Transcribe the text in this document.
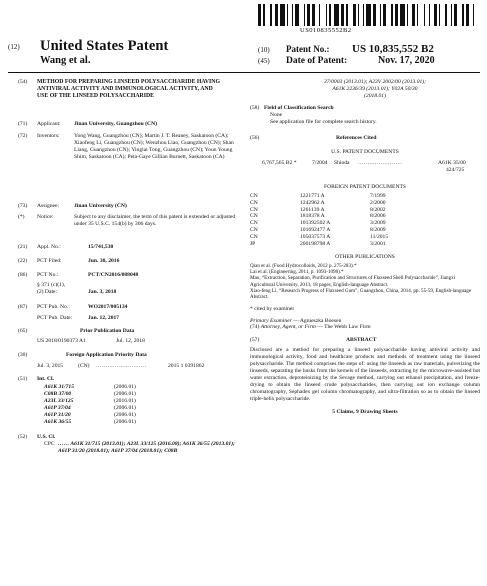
US010835552B2
(12) United States Patent
Wang et al.
(10)	Patent No.:	US 10,835,552 B2
(45)	Date of Patent:	Nov. 17, 2020
(54) METHOD FOR PREPARING LINSEED POLYSACCHARIDE HAVING ANTIVIRAL ACTIVITY AND IMMUNOLOGICAL ACTIVITY, AND USE OF THE LINSEED POLYSACCHARIDE
(71) Applicant: Jinan University, Guangzhou (CN)
(72) Inventors:	Yong Wang, Guangzhou (CN); Martin J. T. Reaney, Saskatoon (CA); Xiaofeng Li, Guangzhou (CN); Wenzhou Liao, Guangzhou (CN); Shan Liang, Guangzhou (CN); Yinglai Tong, Guangzhou (CN); Youn Young Shim, Saskatoon (CA); Peta-Gaye Gillian Burnett, Saskatoon (CA)
(73) Assignee:	Jinan University (CN)
(*) Notice:	Subject to any disclaimer, the term of this patent is extended or adjusted under 35 U.S.C. 154(b) by 306 days.
(21) Appl. No.:	15/741,530
(22) PCT Filed:	Jun. 30, 2016
(86) PCT No.:	PCT/CN2016/088048
§ 371 (c)(1),
(2) Date:	Jan. 3, 2018
(87) PCT Pub. No.:	WO2017/005134
PCT Pub. Date:	Jan. 12, 2017
(65)	Prior Publication Data
US 2018/0190373 A1	Jul. 12, 2018
(30)	Foreign Application Priority Data
Jul. 3, 2015	(CN) ………………………	2015 1 0391862
(51) Int. Cl.
A61K 31/715	(2006.01)
C08B 37/00	(2006.01)
A23L 33/125	(2016.01)
A61P 37/04	(2006.01)
A61P 31/20	(2006.01)
A61K 36/55	(2006.01)
(52) U.S. Cl.
CPC …… A61K 31/715 (2013.01); A23L 33/125 (2016.08); A61K 36/55 (2013.01); A61P 31/20 (2018.01); A61P 37/04 (2018.01); C08B
37/0003 (2013.01); A23V 2002/00 (2013.01);
A61K 2236/39 (2013.01); Y02A 50/30
(2018.01)
(58) Field of Classification Search
None
See application file for complete search history.
(56)	References Cited
U.S. PATENT DOCUMENTS
6,767,565 B2 *	7/2004 Shioda ……………………	A61K 35/00
424/725
FOREIGN PATENT DOCUMENTS
CN	1221771 A	7/1999
CN	1242962 A	2/2000
CN	1261139 A	8/2002
CN	1818378 A	8/2006
CN	101392502 A	3/2009
CN	101692477 A	8/2009
CN	105037573 A	11/2015
JP	200198798 A	3/2001
OTHER PUBLICATIONS
Qian et al. (Food Hydrocolloids, 2012 p. 275-283).*
Lai et al. (Engineering, 2011, p. 1093-1098).*
Mao, “Extraction, Separation, Purification and Structures of Flaxseed Shell Polysaccharide”, Jiangxi Agricultural University, 2013, 18 pages, English-language Abstract.
Xiao-feng Li, “Research Progress of Flaxseed Gum”, Guangzhou, China, 2014, pp. 55-59, English-language Abstract.
* cited by examiner
Primary Examiner — Agnieszka Boesen
(74) Attorney, Agent, or Firm — The Webb Law Firm
(57)	ABSTRACT
Disclosed are a method for preparing a linseed polysaccharide having antiviral activity and immunological activity, food and healthcare products and methods of treatment using the linseed polysaccharide. The method comprises the steps of: using the linseeds as raw materials, pulverizing the linseeds, separating the husks from the kernels of the linseeds, extracting by the microwave-assisted hot water extraction, deproteinizing by the Sevage method, carrying out ethanol precipitation, and freeze-drying to obtain the linseed crude polysaccharides, then carrying out ion exchange column chromatography, Sephadex gel column chromatography, and ultra-filtration so as to obtain the linseed triple-helix polysaccharide.
5 Claims, 9 Drawing Sheets
